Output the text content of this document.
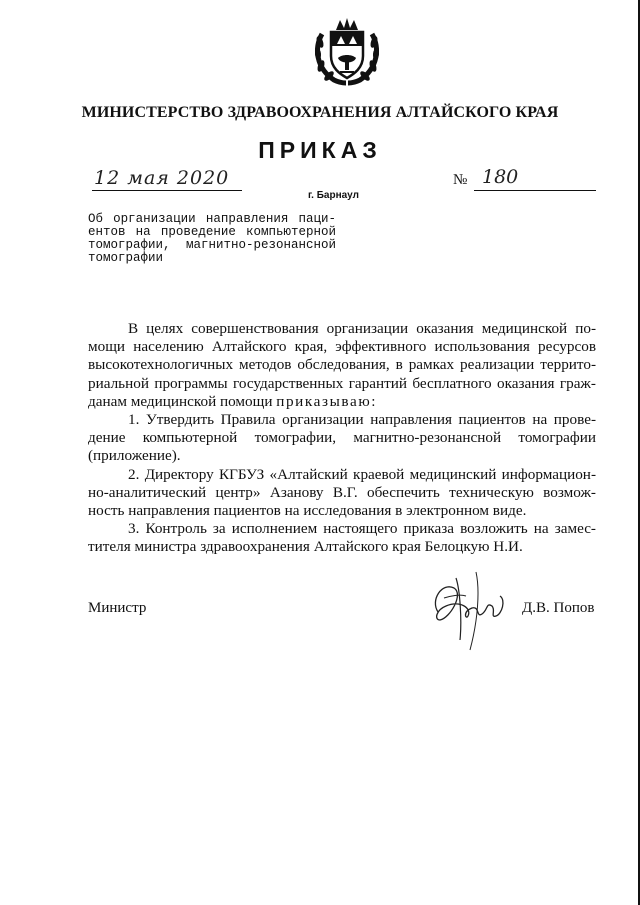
МИНИСТЕРСТВО ЗДРАВООХРАНЕНИЯ АЛТАЙСКОГО КРАЯ
ПРИКАЗ
12 мая 2020
г. Барнаул
№ 180
Об организации направления паци-
ентов на проведение компьютерной
томографии, магнитно-резонансной
томографии
В целях совершенствования организации оказания медицинской по-
мощи населению Алтайского края, эффективного использования ресурсов
высокотехнологичных методов обследования, в рамках реализации террито-
риальной программы государственных гарантий бесплатного оказания граж-
данам медицинской помощи приказываю:
1. Утвердить Правила организации направления пациентов на прове-
дение компьютерной томографии, магнитно-резонансной томографии
(приложение).
2. Директору КГБУЗ «Алтайский краевой медицинский информацион-
но-аналитический центр» Азанову В.Г. обеспечить техническую возмож-
ность направления пациентов на исследования в электронном виде.
3. Контроль за исполнением настоящего приказа возложить на замес-
тителя министра здравоохранения Алтайского края Белоцкую Н.И.
Министр	Д.В. Попов
